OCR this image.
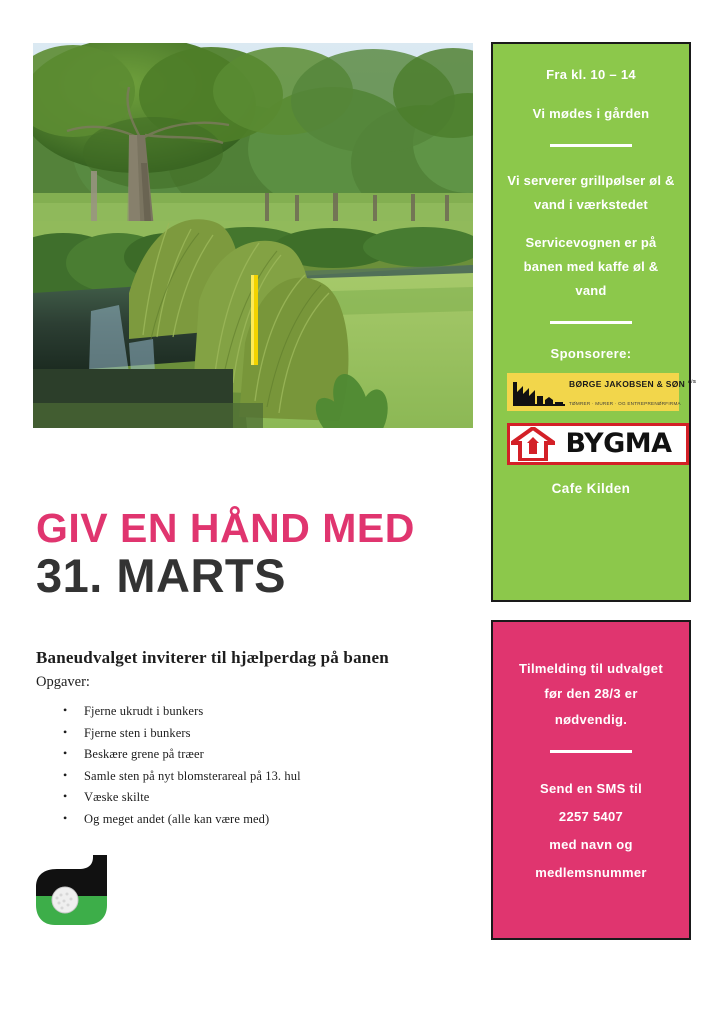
GIV EN HÅND MED
31. MARTS

Baneudvalget inviterer til hjælperdag på banen

Opgaver:

• Fjerne ukrudt i bunkers
• Fjerne sten i bunkers
• Beskære grene på træer
• Samle sten på nyt blomsterareal på 13. hul
• Væske skilte
• Og meget andet (alle kan være med)

Fra kl. 10 – 14

Vi mødes i gården

Vi serverer grillpølser øl & vand i værkstedet

Servicevognen er på banen med kaffe øl & vand

Sponsorere:

BØRGE JAKOBSEN & SØN $^{A/S}$ TØMRER · MURER · OG ENTREPRENØRFIRMA
BYGMA

Cafe Kilden

Tilmelding til udvalget før den 28/3 er nødvendig.

Send en SMS til

2257 5407

med navn og medlemsnummer
